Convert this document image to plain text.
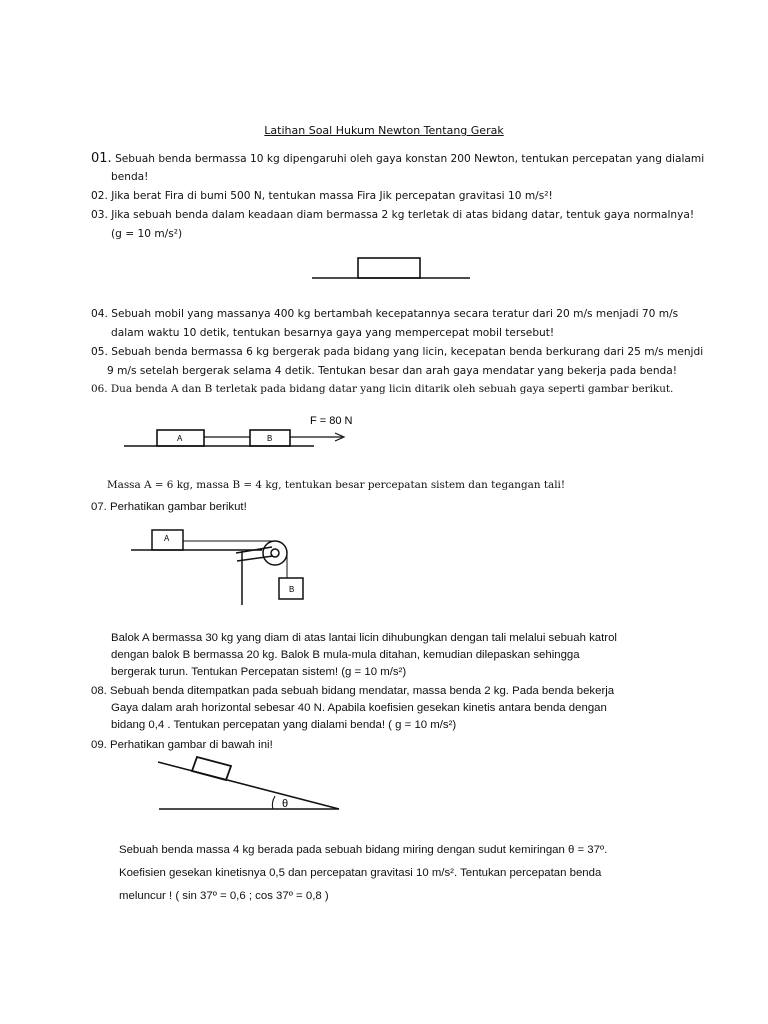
Latihan Soal Hukum Newton Tentang Gerak
01. Sebuah benda bermassa 10 kg dipengaruhi oleh gaya konstan 200 Newton, tentukan percepatan yang dialami
benda!
02. Jika berat Fira di bumi 500 N, tentukan massa Fira Jik percepatan gravitasi 10 m/s²!
03. Jika sebuah benda dalam keadaan diam bermassa 2 kg terletak di atas bidang datar, tentuk gaya normalnya!
(g = 10 m/s²)
A	B
F = 80 N
A
B
θ
04. Sebuah mobil yang massanya 400 kg bertambah kecepatannya secara teratur dari 20 m/s menjadi 70 m/s
dalam waktu 10 detik, tentukan besarnya gaya yang mempercepat mobil tersebut!
05. Sebuah benda bermassa 6 kg bergerak pada bidang yang licin, kecepatan benda berkurang dari 25 m/s menjdi
9 m/s setelah bergerak selama 4 detik. Tentukan besar dan arah gaya mendatar yang bekerja pada benda!
06. Dua benda A dan B terletak pada bidang datar yang licin ditarik oleh sebuah gaya seperti gambar berikut.
Massa A = 6 kg, massa B = 4 kg, tentukan besar percepatan sistem dan tegangan tali!
07. Perhatikan gambar berikut!
Balok A bermassa 30 kg yang diam di atas lantai licin dihubungkan dengan tali melalui sebuah katrol
dengan balok B bermassa 20 kg. Balok B mula-mula ditahan, kemudian dilepaskan sehingga
bergerak turun. Tentukan Percepatan sistem! (g = 10 m/s²)
08. Sebuah benda ditempatkan pada sebuah bidang mendatar, massa benda 2 kg. Pada benda bekerja
Gaya dalam arah horizontal sebesar 40 N. Apabila koefisien gesekan kinetis antara benda dengan
bidang 0,4 . Tentukan percepatan yang dialami benda! ( g = 10 m/s²)
09. Perhatikan gambar di bawah ini!
Sebuah benda massa 4 kg berada pada sebuah bidang miring dengan sudut kemiringan θ = 37º.
Koefisien gesekan kinetisnya 0,5 dan percepatan gravitasi 10 m/s². Tentukan percepatan benda
meluncur ! ( sin 37º = 0,6 ; cos 37º = 0,8 )
